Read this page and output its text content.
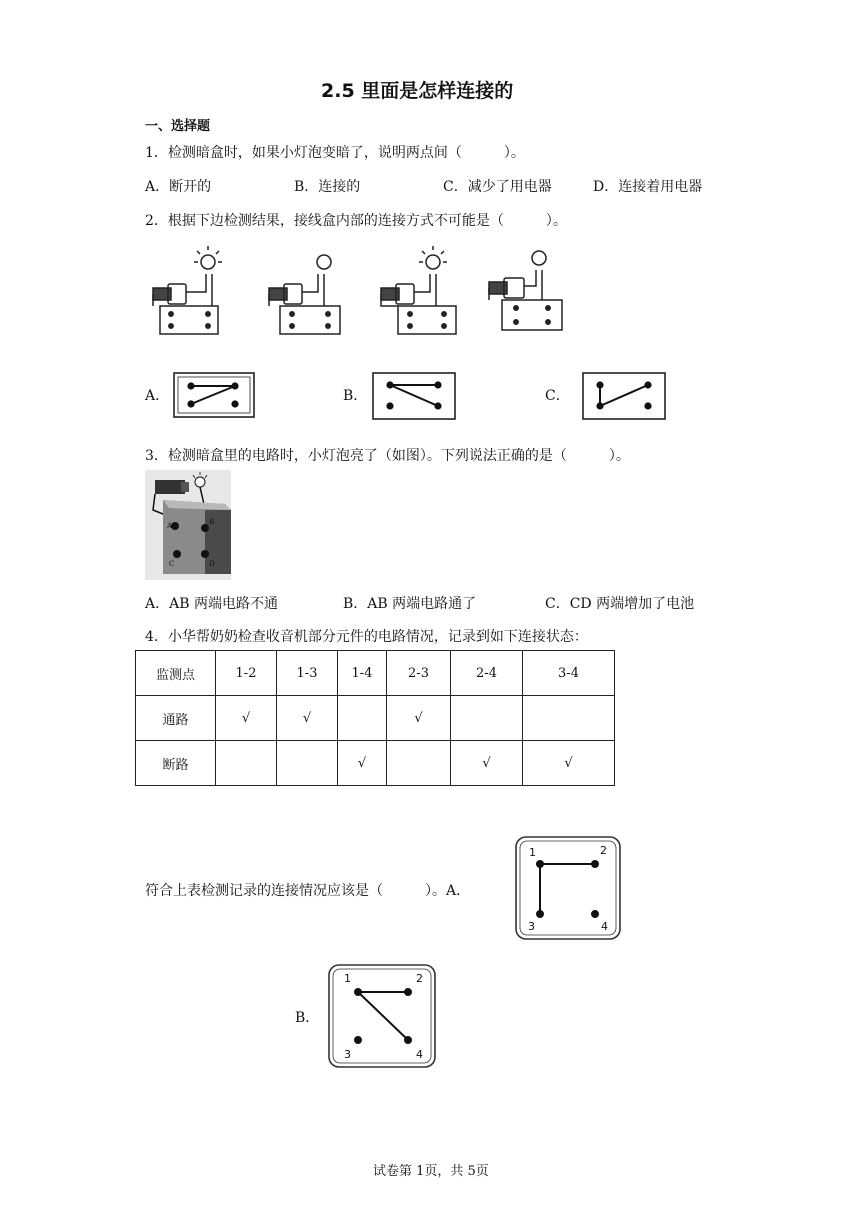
2.5 里面是怎样连接的
一、选择题
1．检测暗盒时，如果小灯泡变暗了，说明两点间（　　　）。
A．断开的	B．连接的	C．减少了用电器	D．连接着用电器
2．根据下边检测结果，接线盒内部的连接方式不可能是（　　　）。
A．	B．	C．
3．检测暗盒里的电路时，小灯泡亮了（如图）。下列说法正确的是（　　　）。
A	B
C	D
A．AB 两端电路不通	B．AB 两端电路通了	C．CD 两端增加了电池
4．小华帮奶奶检查收音机部分元件的电路情况，记录到如下连接状态：
监测点	1-2	1-3	1-4	2-3	2-4	3-4
通路	√	√		√		
断路			√		√	√
符合上表检测记录的连接情况应该是（　　　）。A．
1	2
3	4
B．
1	2
3	4
试卷第 1页，共 5页
